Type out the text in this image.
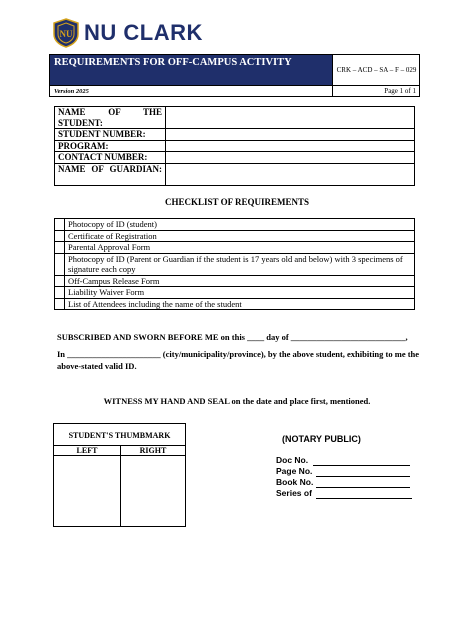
NU NU CLARK
REQUIREMENTS FOR OFF-CAMPUS ACTIVITY
CRK – ACD – SA – F – 029
Version 2025	Page 1 of 1
NAME OF THE STUDENT:	
STUDENT NUMBER:	
PROGRAM:	
CONTACT NUMBER:	
NAME OF GUARDIAN:	
CHECKLIST OF REQUIREMENTS
	Photocopy of ID (student)
	Certificate of Registration
	Parental Approval Form
	Photocopy of ID (Parent or Guardian if the student is 17 years old and below) with 3 specimens of signature each copy
	Off-Campus Release Form
	Liability Waiver Form
	List of Attendees including the name of the student
SUBSCRIBED AND SWORN BEFORE ME on this ____ day of ___________________________,
In ______________________ (city/municipality/province), by the above student, exhibiting to me the above-stated valid ID.
WITNESS MY HAND AND SEAL on the date and place first, mentioned.
STUDENT'S THUMBMARK	
LEFT	RIGHT

(NOTARY PUBLIC)
Doc No.
Page No.
Book No.
Series of
